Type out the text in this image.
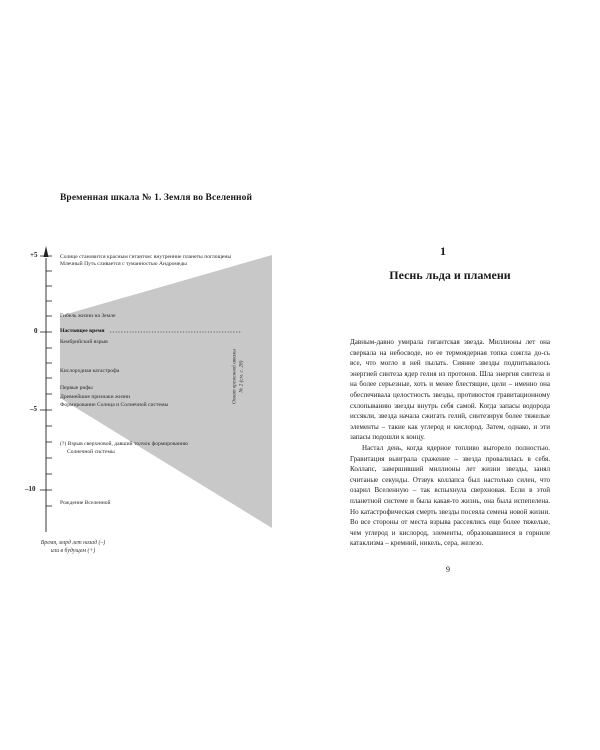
Временная шкала № 1. Земля во Вселенной
+5
0
–5
–10
Солнце становится красным гигантом: внутренние планеты поглощены
Млечный Путь сливается с туманностью Андромеды
Гибель жизни на Земле
Настоящее время
Кембрийский взрыв
Кислородная катастрофа
Первые рифы
Древнейшие признаки жизни
Формирование Солнца и Солнечной системы
(?) Взрыв сверхновой, давший толчок формированию
Солнечной системы
Рождение Вселенной
Охват временной шкалы № 2 (см. с. 28)
Время, млрд лет назад (–)
или в будущем (+)
1
Песнь льда и пламени

Давным-давно умирала гигантская звезда. Миллионы лет она сверкала на небосводе, но ее термоядерная топка сожгла до-сь все, что могло в ней пылать. Сияние звезды подпитывалось энергией синтеза ядер гелия из протонов. Шла энергия синтеза и на более серьезные, хоть и менее блестящие, цели – именно она обеспечивала целостность звезды, противостоя гравитационному схлопыванию звезды внутрь себя самой. Когда запасы водорода иссякли, звезда начала сжигать гелий, синтезируя более тяжелые элементы – такие как углерод и кислород. Затем, однако, и эти запасы подошли к концу.

Настал день, когда ядерное топливо выгорело полностью. Гравитация выиграла сражение – звезда провалилась в себя. Коллапс, завершивший миллионы лет жизни звезды, занял считаные секунды. Отзвук коллапса был настолько силен, что озарил Вселенную – так вспыхнула сверхновая. Если в этой планетной системе и была какая-то жизнь, она была испепелена. Но катастрофическая смерть звезды посеяла семена новой жизни. Во все стороны от места взрыва рассеялись еще более тяжелые, чем углерод и кислород, элементы, образовавшиеся в горниле катаклизма – кремний, никель, сера, железо.

9
